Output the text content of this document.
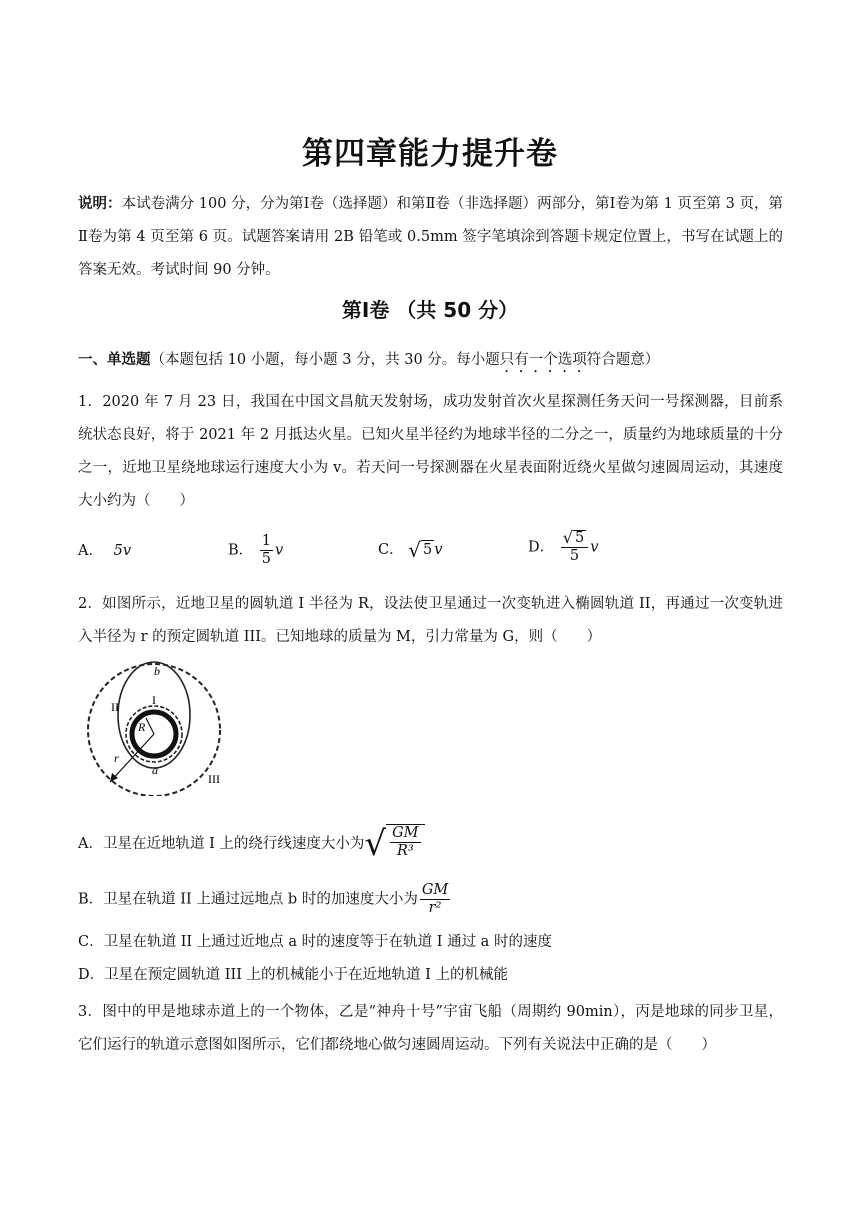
第四章能力提升卷
说明：本试卷满分 100 分，分为第Ⅰ卷（选择题）和第Ⅱ卷（非选择题）两部分，第Ⅰ卷为第 1 页至第 3 页，第Ⅱ卷为第 4 页至第 6 页。试题答案请用 2B 铅笔或 0.5mm 签字笔填涂到答题卡规定位置上，书写在试题上的答案无效。考试时间 90 分钟。
第Ⅰ卷 （共 50 分）
一、单选题（本题包括 10 小题，每小题 3 分，共 30 分。每小题只有一个选项符合题意）
1．2020 年 7 月 23 日，我国在中国文昌航天发射场，成功发射首次火星探测任务天问一号探测器，目前系统状态良好，将于 2021 年 2 月抵达火星。已知火星半径约为地球半径的二分之一，质量约为地球质量的十分之一，近地卫星绕地球运行速度大小为 v。若天问一号探测器在火星表面附近绕火星做匀速圆周运动，其速度大小约为（　　）
A． 5v	B． $\frac{1}{5}$ v	C． √ 5 v	D． $\frac{√ 5}{5}$ v
2．如图所示，近地卫星的圆轨道 I 半径为 R，设法使卫星通过一次变轨进入椭圆轨道 II，再通过一次变轨进入半径为 r 的预定圆轨道 III。已知地球的质量为 M，引力常量为 G，则（　　）
b
I
II
R
r
a
III
A．卫星在近地轨道 I 上的绕行线速度大小为 √ $\frac{GM}{\text{R³}}$
B．卫星在轨道 II 上通过远地点 b 时的加速度大小为 $\frac{GM}{\text{r²}}$
C．卫星在轨道 II 上通过近地点 a 时的速度等于在轨道 I 通过 a 时的速度
D．卫星在预定圆轨道 III 上的机械能小于在近地轨道 I 上的机械能
3．图中的甲是地球赤道上的一个物体，乙是“神舟十号”宇宙飞船（周期约 90min），丙是地球的同步卫星，它们运行的轨道示意图如图所示，它们都绕地心做匀速圆周运动。下列有关说法中正确的是（　　）
